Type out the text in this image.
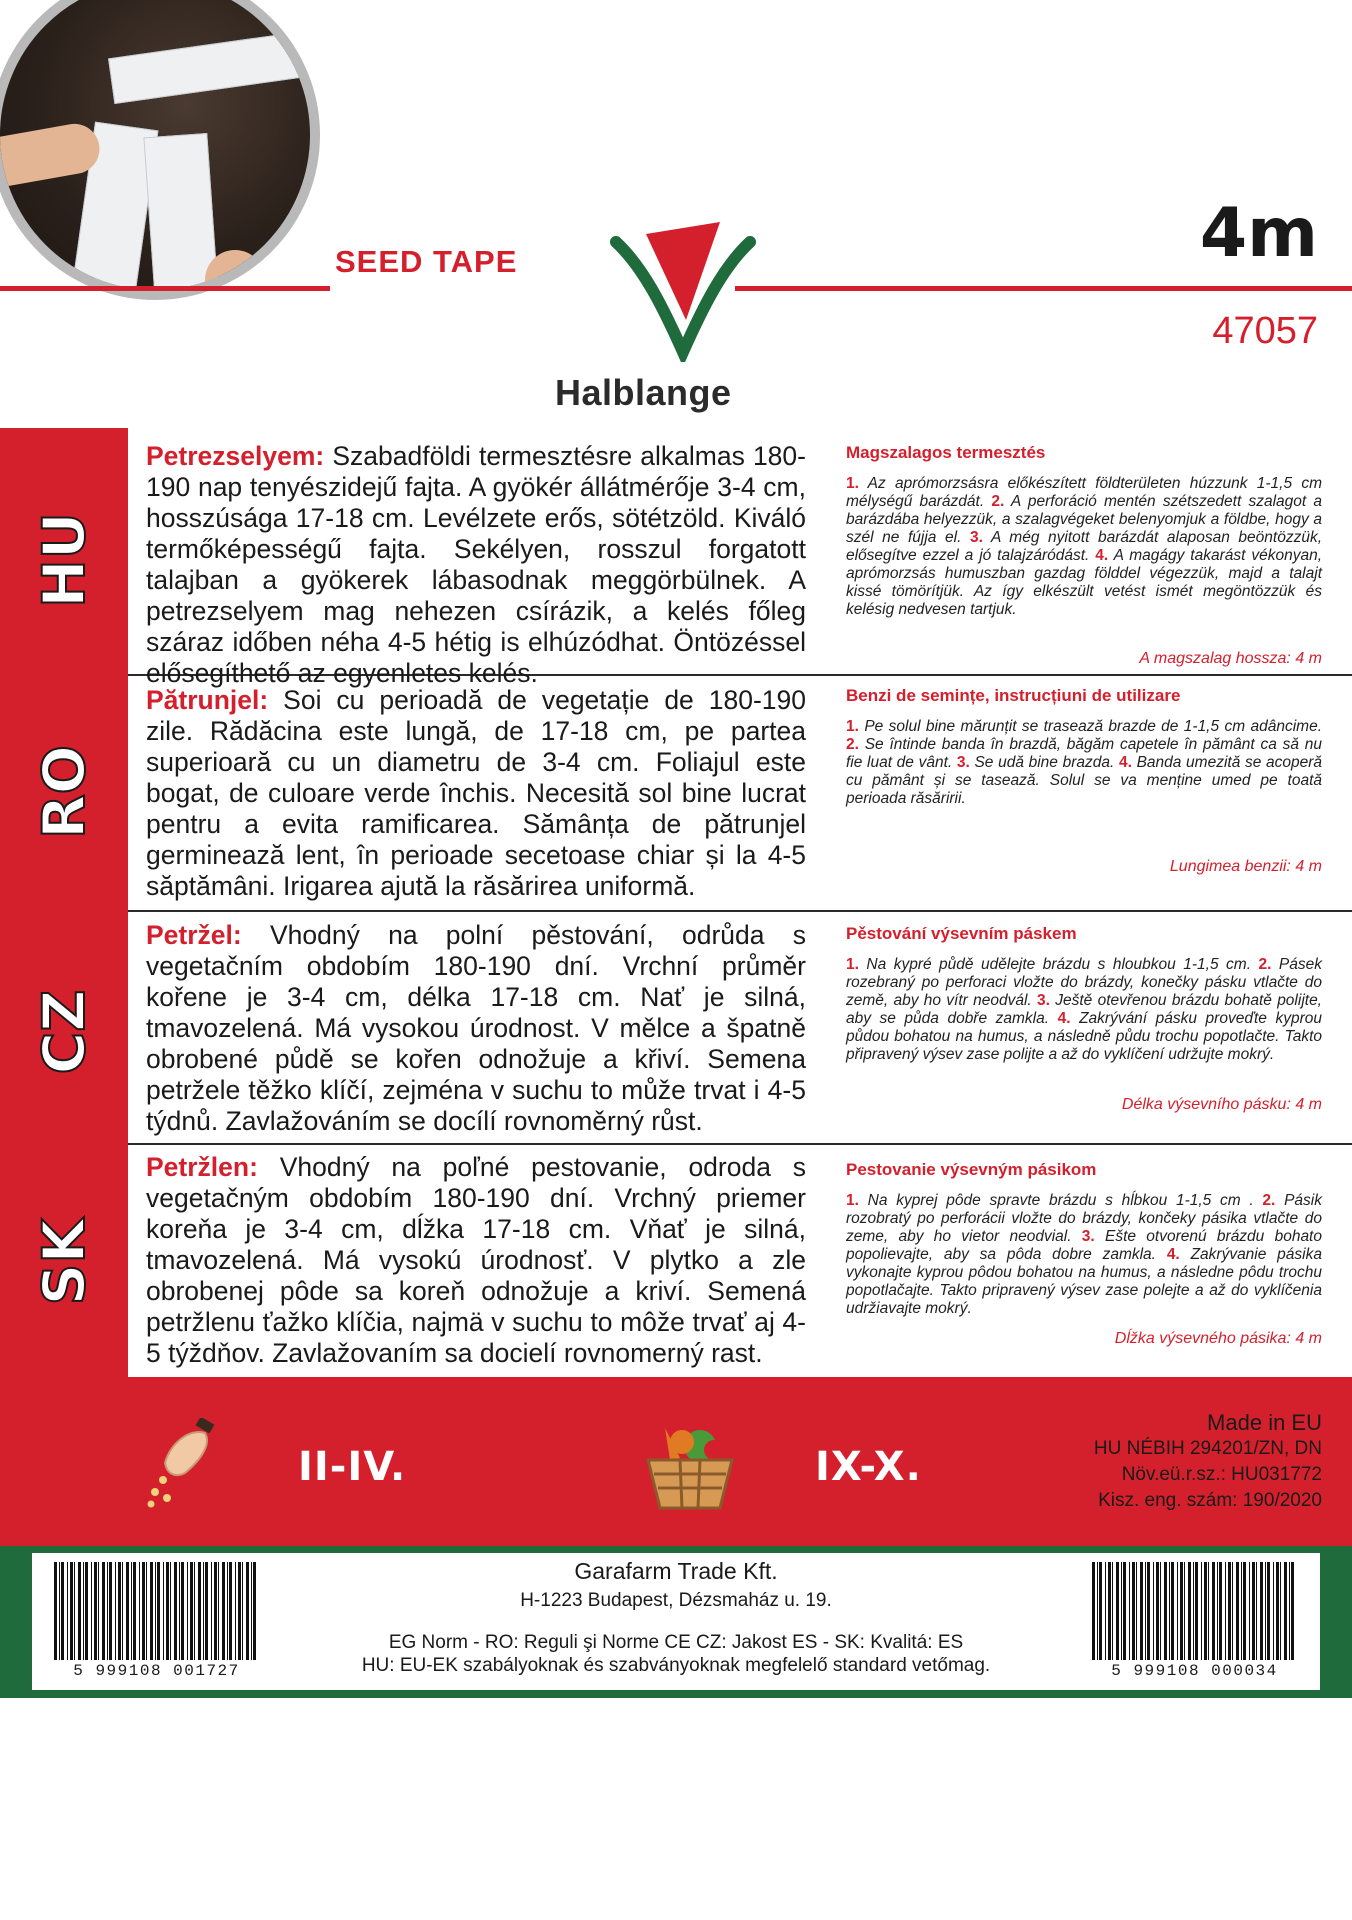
SEED TAPE
Halblange
4m
47057
HU
RO
CZ
SK
Petrezselyem: Szabadföldi termesztésre alkalmas 180-190 nap tenyészidejű fajta. A gyökér állátmérője 3-4 cm, hosszúsága 17-18 cm. Levélzete erős, sötétzöld. Kiváló termőképességű fajta. Sekélyen, rosszul forgatott talajban a gyökerek lábasodnak meggörbülnek. A petrezselyem mag nehezen csírázik, a kelés főleg száraz időben néha 4-5 hétig is elhúzódhat. Öntözéssel elősegíthető az egyenletes kelés.
Magszalagos termesztés
1. Az aprómorzsásra előkészített földterületen húzzunk 1-1,5 cm mélységű barázdát. 2. A perforáció mentén szétszedett szalagot a barázdába helyezzük, a szalagvégeket belenyomjuk a földbe, hogy a szél ne fújja el. 3. A még nyitott barázdát alaposan beöntözzük, elősegítve ezzel a jó talajzáródást. 4. A magágy takarást vékonyan, aprómorzsás humuszban gazdag földdel végezzük, majd a talajt kissé tömörítjük. Az így elkészült vetést ismét megöntözzük és kelésig nedvesen tartjuk.
A magszalag hossza: 4 m
Pătrunjel: Soi cu perioadă de vegetație de 180-190 zile. Rădăcina este lungă, de 17-18 cm, pe partea superioară cu un diametru de 3-4 cm. Foliajul este bogat, de culoare verde închis. Necesită sol bine lucrat pentru a evita ramificarea. Sămânța de pătrunjel germinează lent, în perioade secetoase chiar și la 4-5 săptămâni. Irigarea ajută la răsărirea uniformă.
Benzi de semințe, instrucțiuni de utilizare
1. Pe solul bine mărunțit se trasează brazde de 1-1,5 cm adâncime. 2. Se întinde banda în brazdă, băgăm capetele în pământ ca să nu fie luat de vânt. 3. Se udă bine brazda. 4. Banda umezită se acoperă cu pământ și se tasează. Solul se va menține umed pe toată perioada răsăririi.
Lungimea benzii: 4 m
Petržel: Vhodný na polní pěstování, odrůda s vegetačním obdobím 180-190 dní. Vrchní průměr kořene je 3-4 cm, délka 17-18 cm. Nať je silná, tmavozelená. Má vysokou úrodnost. V mělce a špatně obrobené půdě se kořen odnožuje a křiví. Semena petržele těžko klíčí, zejména v suchu to může trvat i 4-5 týdnů. Zavlažováním se docílí rovnoměrný růst.
Pěstování výsevním páskem
1. Na kypré půdě udělejte brázdu s hloubkou 1-1,5 cm. 2. Pásek rozebraný po perforaci vložte do brázdy, konečky pásku vtlačte do země, aby ho vítr neodvál. 3. Ještě otevřenou brázdu bohatě polijte, aby se půda dobře zamkla. 4. Zakrývání pásku proveďte kyprou půdou bohatou na humus, a následně půdu trochu popotlačte. Takto připravený výsev zase polijte a až do vyklíčení udržujte mokrý.
Délka výsevního pásku: 4 m
Petržlen: Vhodný na poľné pestovanie, odroda s vegetačným obdobím 180-190 dní. Vrchný priemer koreňa je 3-4 cm, dĺžka 17-18 cm. Vňať je silná, tmavozelená. Má vysokú úrodnosť. V plytko a zle obrobenej pôde sa koreň odnožuje a kriví. Semená petržlenu ťažko klíčia, najmä v suchu to môže trvať aj 4-5 týždňov. Zavlažovaním sa docielí rovnomerný rast.
Pestovanie výsevným pásikom
1. Na kyprej pôde spravte brázdu s hĺbkou 1-1,5 cm . 2. Pásik rozobratý po perforácii vložte do brázdy, končeky pásika vtlačte do zeme, aby ho vietor neodvial. 3. Ešte otvorenú brázdu bohato popolievajte, aby sa pôda dobre zamkla. 4. Zakrývanie pásika vykonajte kyprou pôdou bohatou na humus, a následne pôdu trochu popotlačajte. Takto pripravený výsev zase polejte a až do vyklíčenia udržiavajte mokrý.
Dĺžka výsevného pásika: 4 m
II-IV.	IX-X.
Made in EU
HU NÉBIH 294201/ZN, DN
Növ.eü.r.sz.: HU031772
Kisz. eng. szám: 190/2020
5 999108 001727	5 999108 000034
Garafarm Trade Kft.
H-1223 Budapest, Dézsmaház u. 19.
EG Norm - RO: Reguli şi Norme CE CZ: Jakost ES - SK: Kvalitá: ES
HU: EU-EK szabályoknak és szabványoknak megfelelő standard vetőmag.
